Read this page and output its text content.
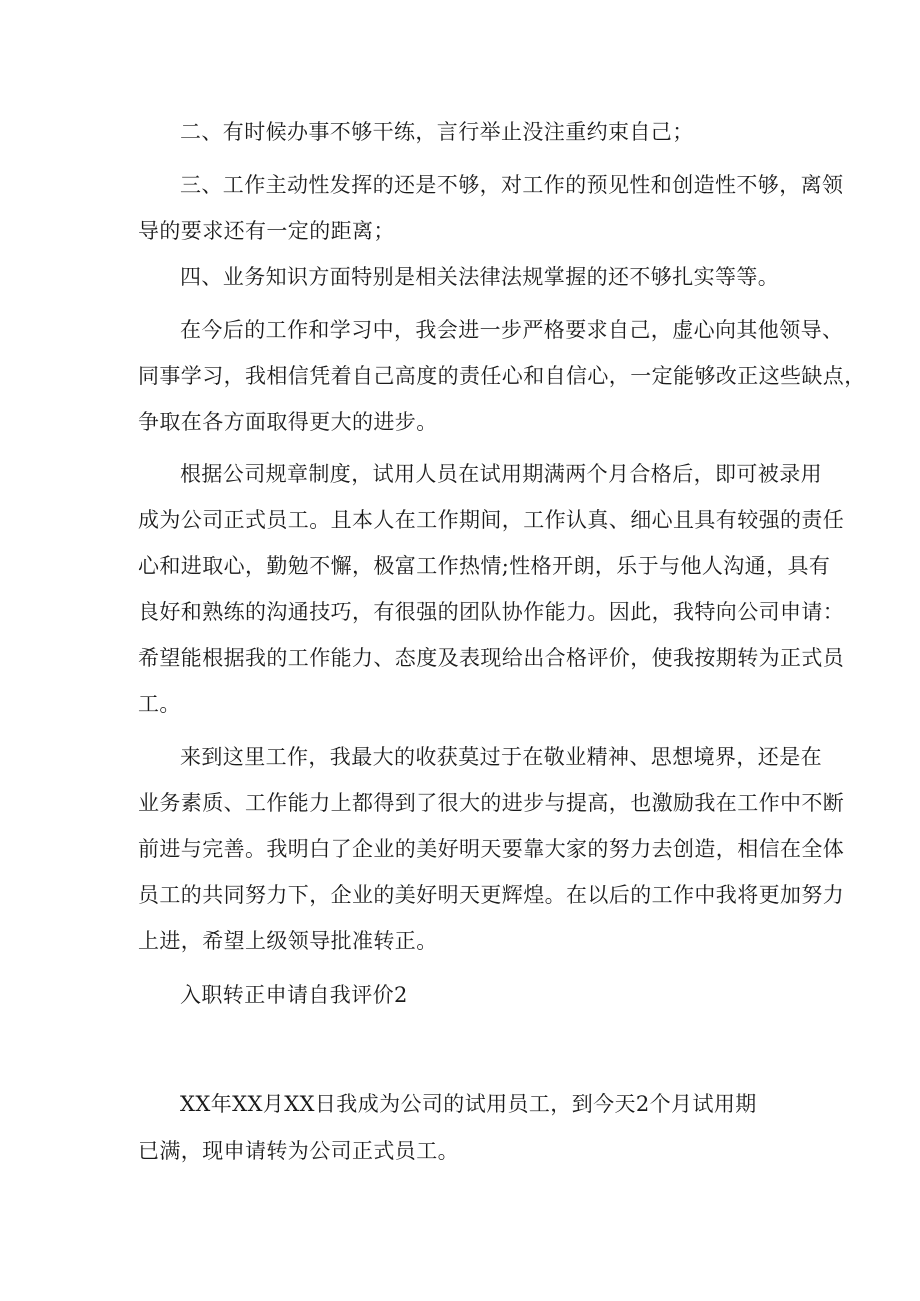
二、有时候办事不够干练，言行举止没注重约束自己；
三、工作主动性发挥的还是不够，对工作的预见性和创造性不够，离领
导的要求还有一定的距离；
四、业务知识方面特别是相关法律法规掌握的还不够扎实等等。
在今后的工作和学习中，我会进一步严格要求自己，虚心向其他领导、
同事学习，我相信凭着自己高度的责任心和自信心，一定能够改正这些缺点，
争取在各方面取得更大的进步。
根据公司规章制度，试用人员在试用期满两个月合格后，即可被录用
成为公司正式员工。且本人在工作期间，工作认真、细心且具有较强的责任
心和进取心，勤勉不懈，极富工作热情;性格开朗，乐于与他人沟通，具有
良好和熟练的沟通技巧，有很强的团队协作能力。因此，我特向公司申请：
希望能根据我的工作能力、态度及表现给出合格评价，使我按期转为正式员
工。
来到这里工作，我最大的收获莫过于在敬业精神、思想境界，还是在
业务素质、工作能力上都得到了很大的进步与提高，也激励我在工作中不断
前进与完善。我明白了企业的美好明天要靠大家的努力去创造，相信在全体
员工的共同努力下，企业的美好明天更辉煌。在以后的工作中我将更加努力
上进，希望上级领导批准转正。
入职转正申请自我评价2
XX年XX月XX日我成为公司的试用员工，到今天2个月试用期
已满，现申请转为公司正式员工。
